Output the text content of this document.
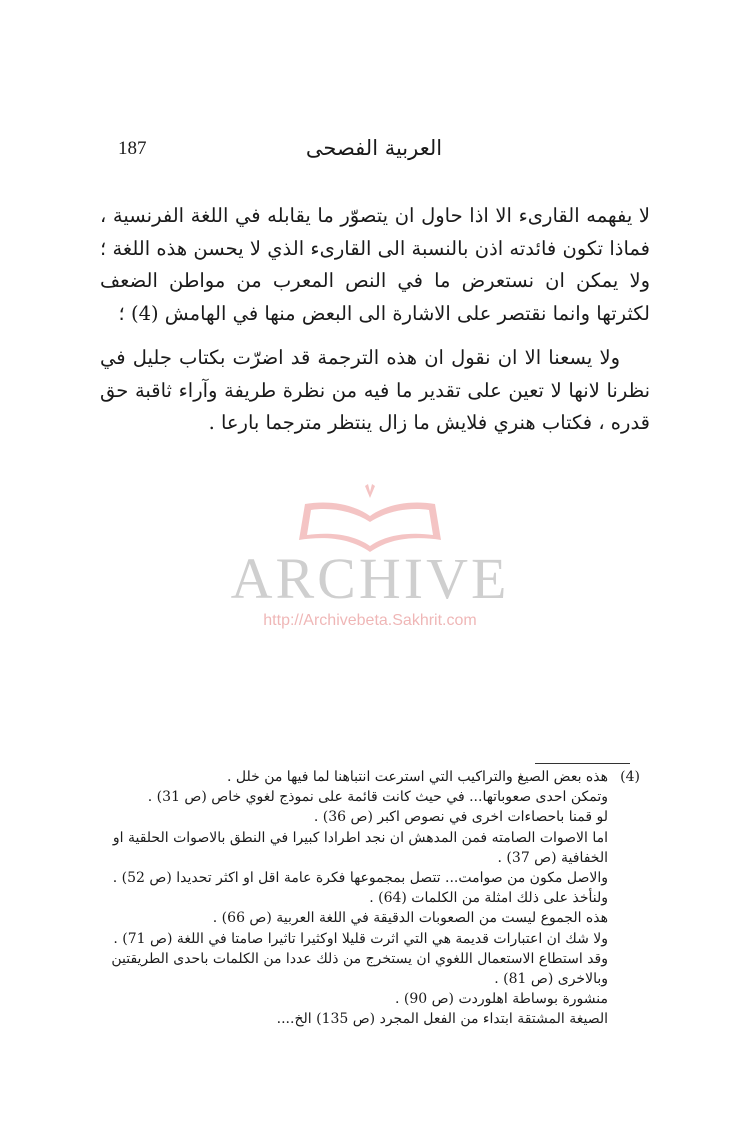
187	العربية الفصحى

لا يفهمه القارىء الا اذا حاول ان يتصوّر ما يقابله في اللغة الفرنسية ، فماذا تكون فائدته اذن بالنسبة الى القارىء الذي لا يحسن هذه اللغة ؛ ولا يمكن ان نستعرض ما في النص المعرب من مواطن الضعف لكثرتها وانما نقتصر على الاشارة الى البعض منها في الهامش (4) ؛

ولا يسعنا الا ان نقول ان هذه الترجمة قد اضرّت بكتاب جليل في نظرنا لانها لا تعين على تقدير ما فيه من نظرة طريفة وآراء ثاقبة حق قدره ، فكتاب هنري فلايش ما زال ينتظر مترجما بارعا .

ARCHIVE
http://Archivebeta.Sakhrit.com
(4)هذه بعض الصيغ والتراكيب التي استرعت انتباهنا لما فيها من خلل .
وتمكن احدى صعوباتها... في حيث كانت قائمة على نموذج لغوي خاص (ص 31) .
لو قمنا باحصاءات اخرى في نصوص اكبر (ص 36) .
اما الاصوات الصامته فمن المدهش ان نجد اطرادا كبيرا في النطق بالاصوات الحلقية او
الخفافية (ص 37) .
والاصل مكون من صوامت... تتصل بمجموعها فكرة عامة اقل او اكثر تحديدا (ص 52) .
ولنأخذ على ذلك امثلة من الكلمات (64) .
هذه الجموع ليست من الصعوبات الدقيقة في اللغة العربية (ص 66) .
ولا شك ان اعتبارات قديمة هي التي اثرت قليلا اوكثيرا تاثيرا صامتا في اللغة (ص 71) .
وقد استطاع الاستعمال اللغوي ان يستخرج من ذلك عددا من الكلمات باحدى الطريقتين
وبالاخرى (ص 81) .
منشورة بوساطة اهلوردت (ص 90) .
الصيغة المشتقة ابتداء من الفعل المجرد (ص 135) الخ....
